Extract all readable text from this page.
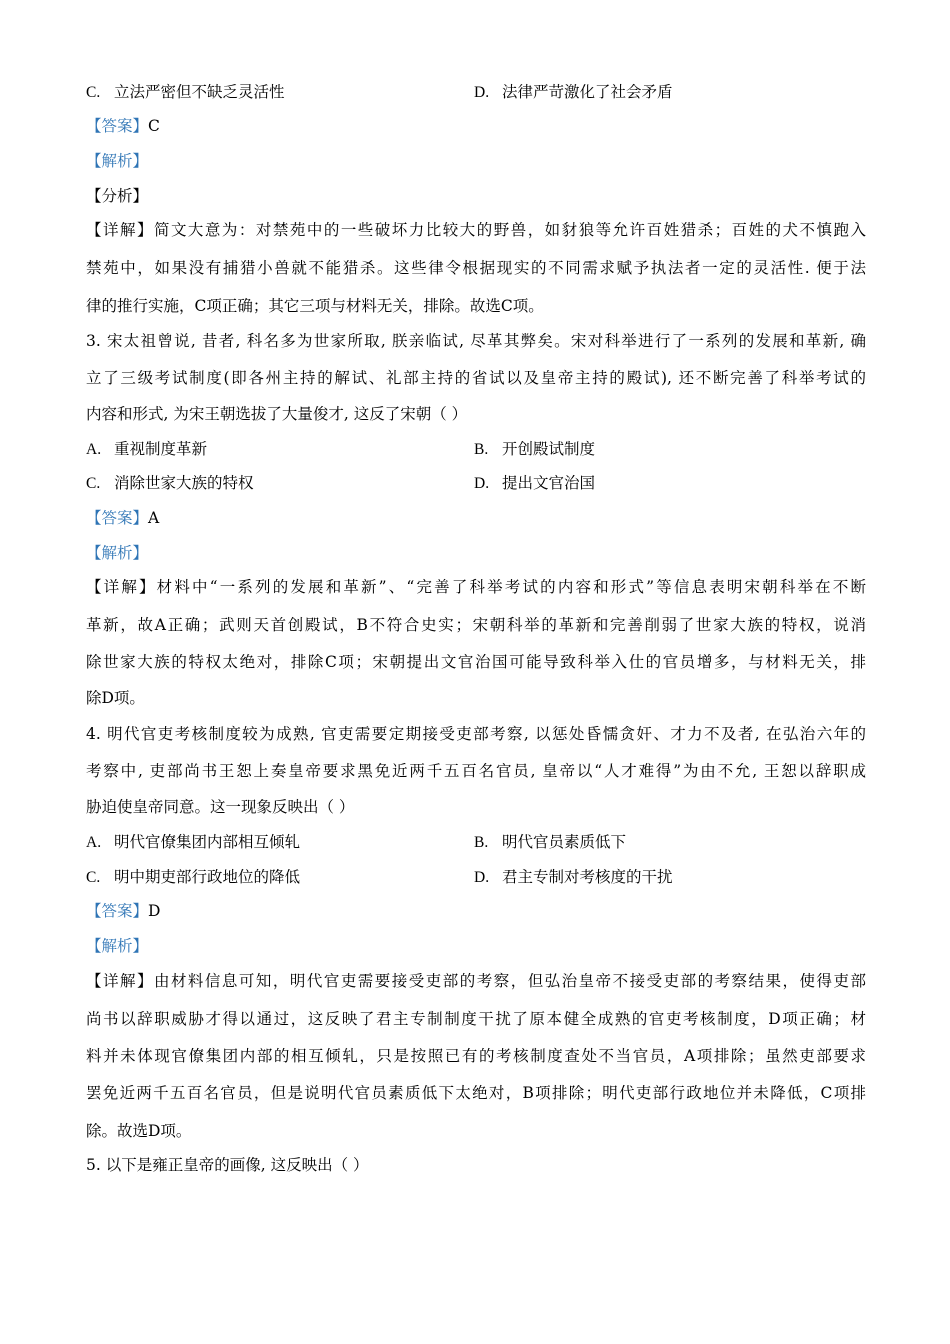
C. 立法严密但不缺乏灵活性	D. 法律严苛激化了社会矛盾
【答案】C
【解析】
【分析】
【详解】简文大意为：对禁苑中的一些破坏力比较大的野兽，如豺狼等允许百姓猎杀；百姓的犬不慎跑入
禁苑中，如果没有捕猎小兽就不能猎杀。这些律令根据现实的不同需求赋予执法者一定的灵活性. 便于法
律的推行实施，C项正确；其它三项与材料无关，排除。故选C项。
3. 宋太祖曾说, 昔者, 科名多为世家所取, 朕亲临试, 尽革其弊矣。宋对科举进行了一系列的发展和革新, 确
立了三级考试制度(即各州主持的解试、礼部主持的省试以及皇帝主持的殿试), 还不断完善了科举考试的
内容和形式, 为宋王朝选拔了大量俊才, 这反了宋朝（ ）
A. 重视制度革新	B. 开创殿试制度
C. 消除世家大族的特权	D. 提出文官治国
【答案】A
【解析】
【详解】材料中“一系列的发展和革新”、“完善了科举考试的内容和形式”等信息表明宋朝科举在不断
革新，故A正确；武则天首创殿试，B不符合史实；宋朝科举的革新和完善削弱了世家大族的特权，说消
除世家大族的特权太绝对，排除C项；宋朝提出文官治国可能导致科举入仕的官员增多，与材料无关，排
除D项。
4. 明代官吏考核制度较为成熟, 官吏需要定期接受吏部考察, 以惩处昏懦贪奸、才力不及者, 在弘治六年的
考察中, 吏部尚书王恕上奏皇帝要求黑免近两千五百名官员, 皇帝以“人才难得”为由不允, 王恕以辞职成
胁迫使皇帝同意。这一现象反映出（ ）
A. 明代官僚集团内部相互倾轧	B. 明代官员素质低下
C. 明中期吏部行政地位的降低	D. 君主专制对考核度的干扰
【答案】D
【解析】
【详解】由材料信息可知，明代官吏需要接受吏部的考察，但弘治皇帝不接受吏部的考察结果，使得吏部
尚书以辞职威胁才得以通过，这反映了君主专制制度干扰了原本健全成熟的官吏考核制度，D项正确；材
料并未体现官僚集团内部的相互倾轧，只是按照已有的考核制度查处不当官员，A项排除；虽然吏部要求
罢免近两千五百名官员，但是说明代官员素质低下太绝对，B项排除；明代吏部行政地位并未降低，C项排
除。故选D项。
5. 以下是雍正皇帝的画像, 这反映出（ ）
